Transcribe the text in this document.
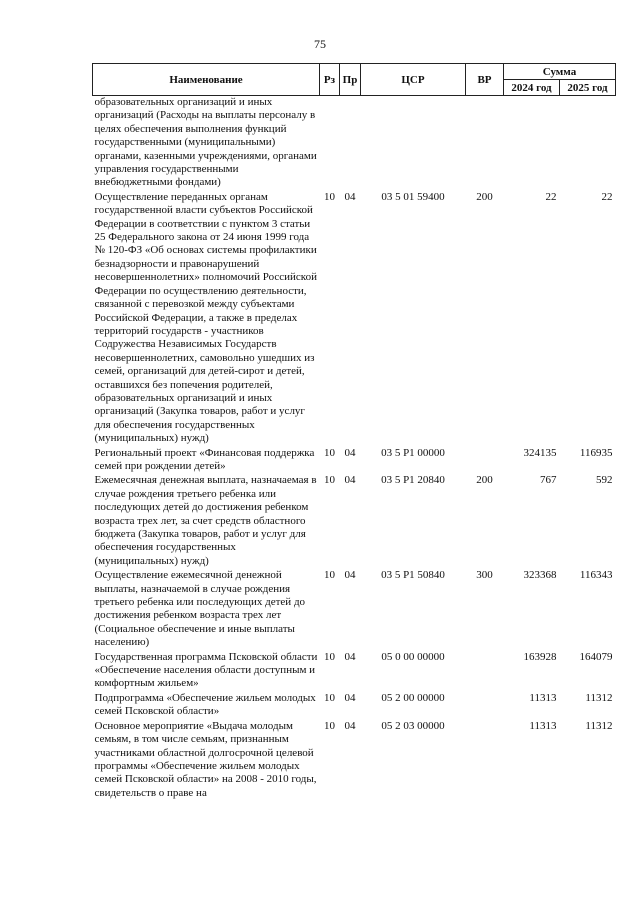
75
Наименование	Рз	Пр	ЦСР	ВР	Сумма	
					2024 год	2025 год
образовательных организаций и иных организаций (Расходы на выплаты персоналу в целях обеспечения выполнения функций государственными (муниципальными) органами, казенными учреждениями, органами управления государственными внебюджетными фондами)						
Осуществление переданных органам государственной власти субъектов Российской Федерации в соответствии с пунктом 3 статьи 25 Федерального закона от 24 июня 1999 года № 120-ФЗ «Об основах системы профилактики безнадзорности и правонарушений несовершеннолетних» полномочий Российской Федерации по осуществлению деятельности, связанной с перевозкой между субъектами Российской Федерации, а также в пределах территорий государств - участников Содружества Независимых Государств несовершеннолетних, самовольно ушедших из семей, организаций для детей-сирот и детей, оставшихся без попечения родителей, образовательных организаций и иных организаций (Закупка товаров, работ и услуг для обеспечения государственных (муниципальных) нужд)	10	04	03 5 01 59400	200	22	22
Региональный проект «Финансовая поддержка семей при рождении детей»	10	04	03 5 Р1 00000		324135	116935
Ежемесячная денежная выплата, назначаемая в случае рождения третьего ребенка или последующих детей до достижения ребенком возраста трех лет, за счет средств областного бюджета (Закупка товаров, работ и услуг для обеспечения государственных (муниципальных) нужд)	10	04	03 5 Р1 20840	200	767	592
Осуществление ежемесячной денежной выплаты, назначаемой в случае рождения третьего ребенка или последующих детей до достижения ребенком возраста трех лет (Социальное обеспечение и иные выплаты населению)	10	04	03 5 Р1 50840	300	323368	116343
Государственная программа Псковской области «Обеспечение населения области доступным и комфортным жильем»	10	04	05 0 00 00000		163928	164079
Подпрограмма «Обеспечение жильем молодых семей Псковской области»	10	04	05 2 00 00000		11313	11312
Основное мероприятие «Выдача молодым семьям, в том числе семьям, признанным участниками областной долгосрочной целевой программы «Обеспечение жильем молодых семей Псковской области» на 2008 - 2010 годы, свидетельств о праве на	10	04	05 2 03 00000		11313	11312
